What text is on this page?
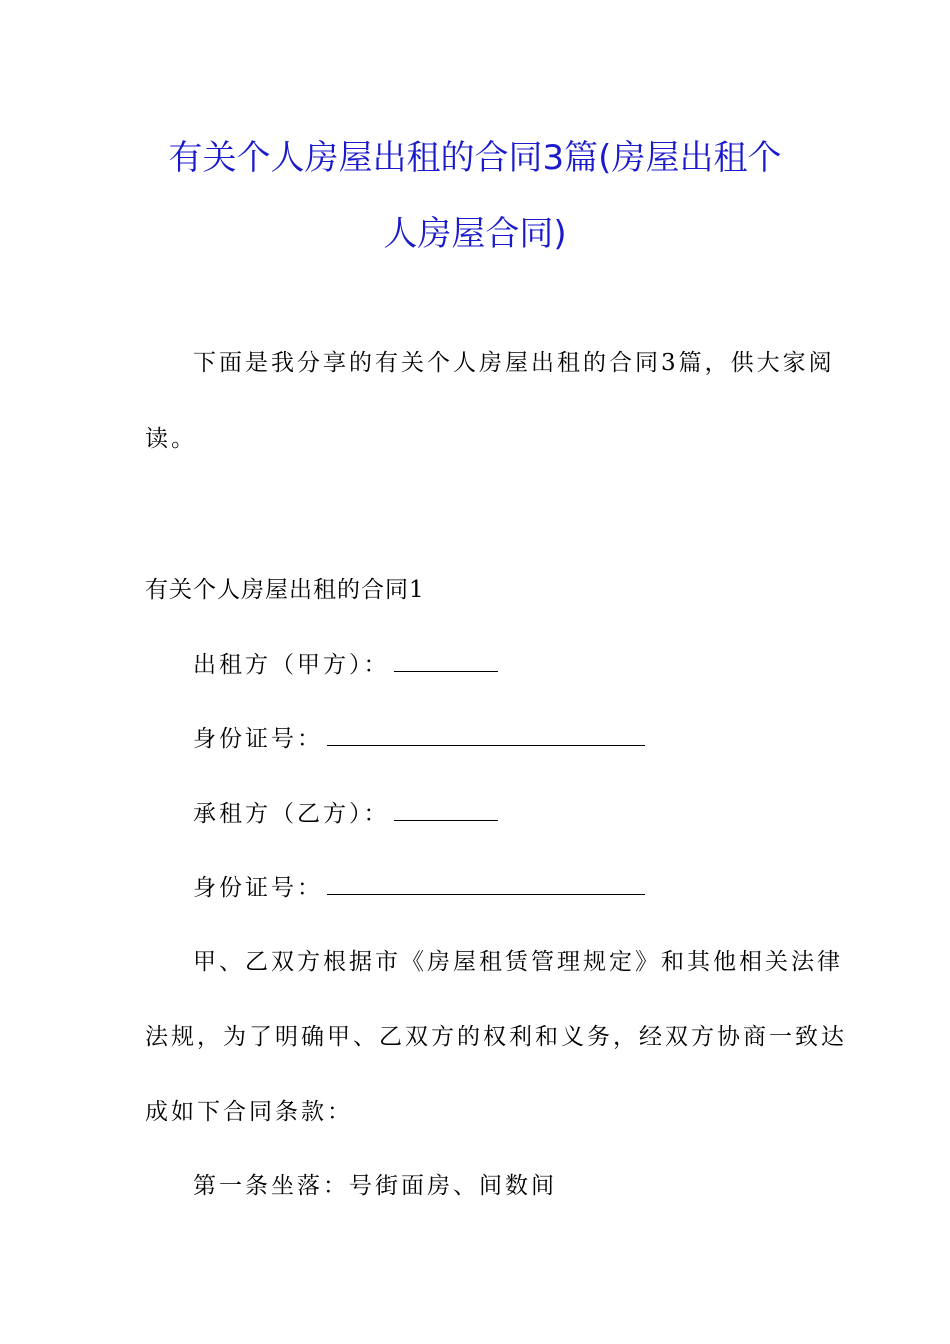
有关个人房屋出租的合同3篇(房屋出租个
人房屋合同)
下面是我分享的有关个人房屋出租的合同3篇，供大家阅
读。
有关个人房屋出租的合同1
出租方（甲方）：
身份证号：
承租方（乙方）：
身份证号：
甲、乙双方根据市《房屋租赁管理规定》和其他相关法律
法规，为了明确甲、乙双方的权利和义务，经双方协商一致达
成如下合同条款：
第一条坐落：号街面房、间数间
